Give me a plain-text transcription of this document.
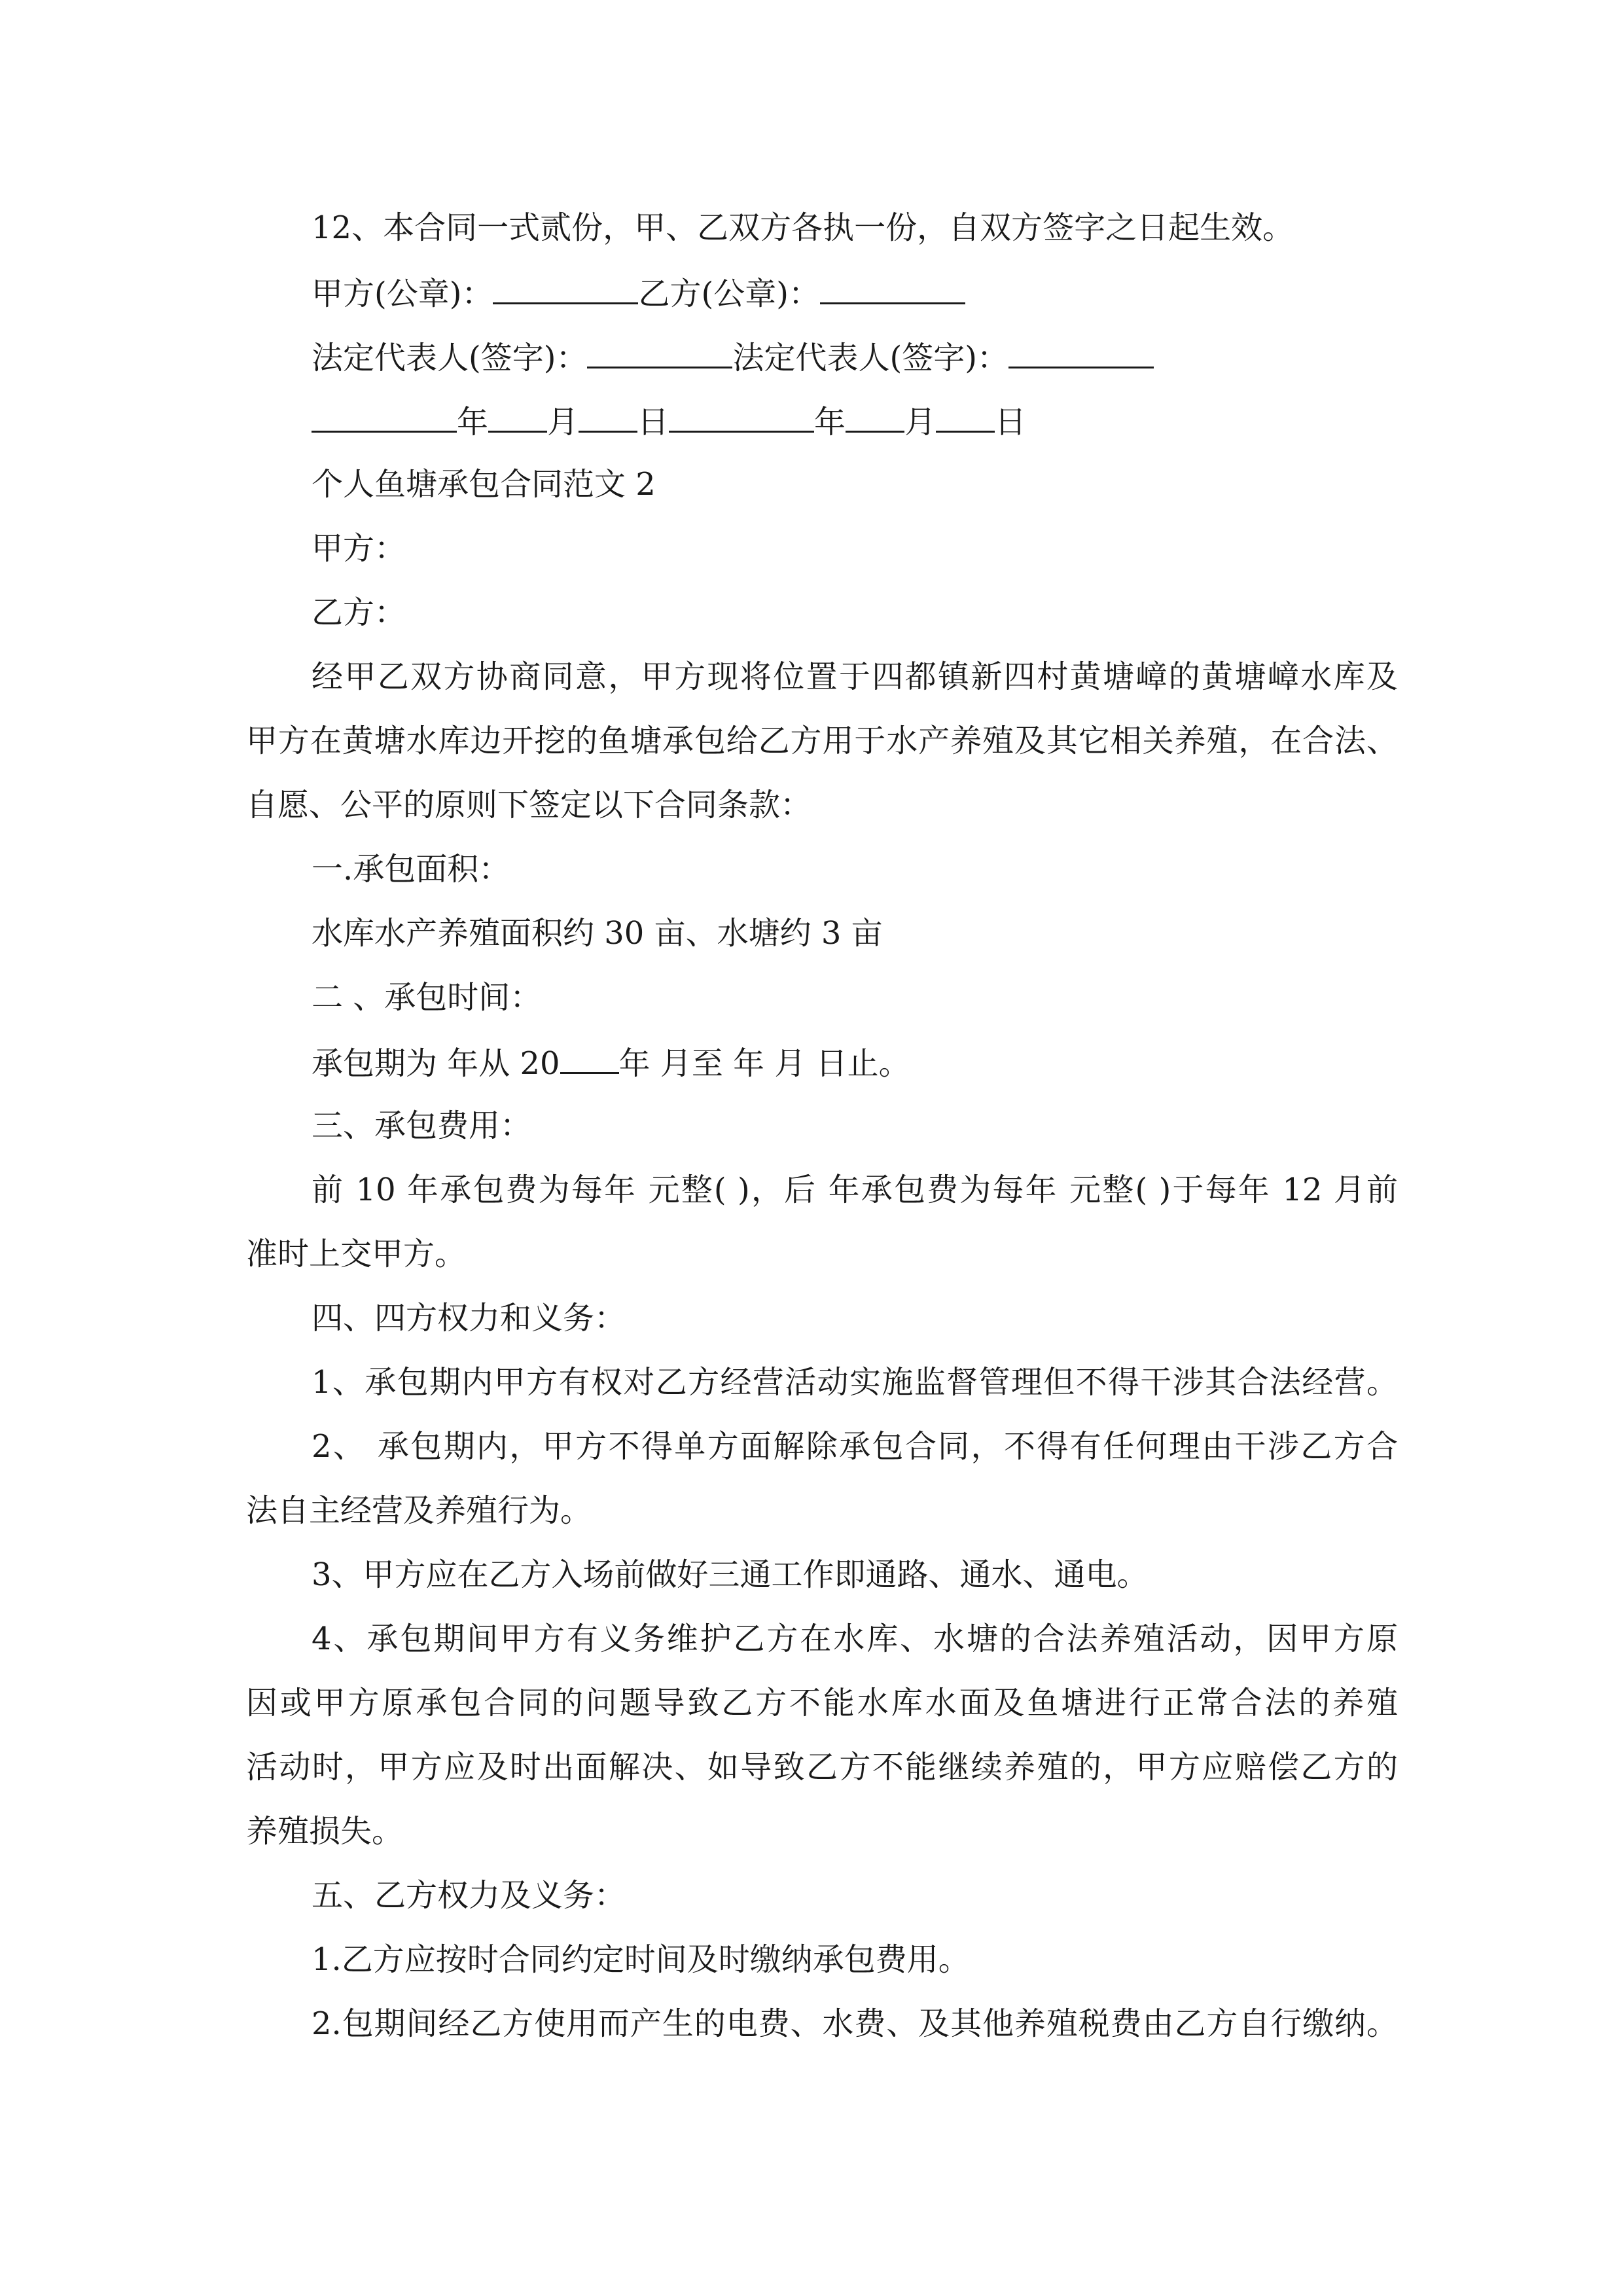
12、本合同一式贰份，甲、乙双方各执一份，自双方签字之日起生效。
甲方(公章)：	乙方(公章)：
法定代表人(签字)：	法定代表人(签字)：
年 月 日	年 月 日
个人鱼塘承包合同范文 2
甲方：
乙方：
经甲乙双方协商同意，甲方现将位置于四都镇新四村黄塘嶂的黄塘嶂水库及
甲方在黄塘水库边开挖的鱼塘承包给乙方用于水产养殖及其它相关养殖，在合法、
自愿、公平的原则下签定以下合同条款：
一.承包面积：
水库水产养殖面积约 30 亩、水塘约 3 亩
二 、承包时间：
承包期为 年从 20 年 月至 年 月 日止。
三、承包费用：
前 10 年承包费为每年 元整( )，后 年承包费为每年 元整( )于每年 12 月前
准时上交甲方。
四、四方权力和义务：
1、承包期内甲方有权对乙方经营活动实施监督管理但不得干涉其合法经营。
2、 承包期内，甲方不得单方面解除承包合同，不得有任何理由干涉乙方合
法自主经营及养殖行为。
3、甲方应在乙方入场前做好三通工作即通路、通水、通电。
4、承包期间甲方有义务维护乙方在水库、水塘的合法养殖活动，因甲方原
因或甲方原承包合同的问题导致乙方不能水库水面及鱼塘进行正常合法的养殖
活动时，甲方应及时出面解决、如导致乙方不能继续养殖的，甲方应赔偿乙方的
养殖损失。
五、乙方权力及义务：
1.乙方应按时合同约定时间及时缴纳承包费用。
2.包期间经乙方使用而产生的电费、水费、及其他养殖税费由乙方自行缴纳。
